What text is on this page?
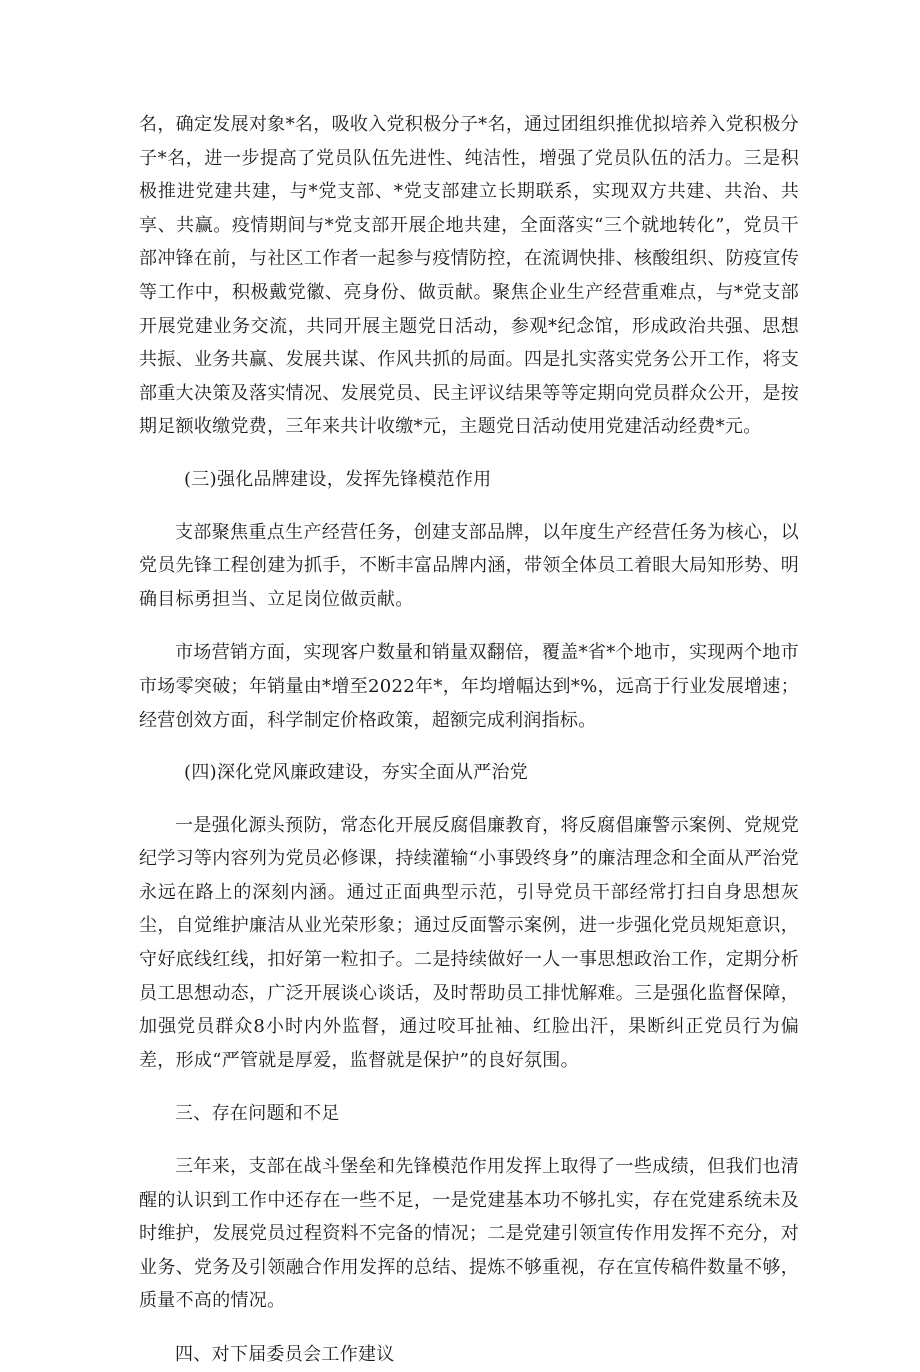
名，确定发展对象*名，吸收入党积极分子*名，通过团组织推优拟培养入党积极分子*名，进一步提高了党员队伍先进性、纯洁性，增强了党员队伍的活力。三是积极推进党建共建，与*党支部、*党支部建立长期联系，实现双方共建、共治、共享、共赢。疫情期间与*党支部开展企地共建，全面落实“三个就地转化”，党员干部冲锋在前，与社区工作者一起参与疫情防控，在流调快排、核酸组织、防疫宣传等工作中，积极戴党徽、亮身份、做贡献。聚焦企业生产经营重难点，与*党支部开展党建业务交流，共同开展主题党日活动，参观*纪念馆，形成政治共强、思想共振、业务共赢、发展共谋、作风共抓的局面。四是扎实落实党务公开工作，将支部重大决策及落实情况、发展党员、民主评议结果等等定期向党员群众公开，是按期足额收缴党费，三年来共计收缴*元，主题党日活动使用党建活动经费*元。

(三)强化品牌建设，发挥先锋模范作用

支部聚焦重点生产经营任务，创建支部品牌，以年度生产经营任务为核心，以党员先锋工程创建为抓手，不断丰富品牌内涵，带领全体员工着眼大局知形势、明确目标勇担当、立足岗位做贡献。

市场营销方面，实现客户数量和销量双翻倍，覆盖*省*个地市，实现两个地市市场零突破；年销量由*增至2022年*，年均增幅达到*%，远高于行业发展增速；经营创效方面，科学制定价格政策，超额完成利润指标。

(四)深化党风廉政建设，夯实全面从严治党

一是强化源头预防，常态化开展反腐倡廉教育，将反腐倡廉警示案例、党规党纪学习等内容列为党员必修课，持续灌输“小事毁终身”的廉洁理念和全面从严治党永远在路上的深刻内涵。通过正面典型示范，引导党员干部经常打扫自身思想灰尘，自觉维护廉洁从业光荣形象；通过反面警示案例，进一步强化党员规矩意识，守好底线红线，扣好第一粒扣子。二是持续做好一人一事思想政治工作，定期分析员工思想动态，广泛开展谈心谈话，及时帮助员工排忧解难。三是强化监督保障，加强党员群众8小时内外监督，通过咬耳扯袖、红脸出汗，果断纠正党员行为偏差，形成“严管就是厚爱，监督就是保护”的良好氛围。

三、存在问题和不足

三年来，支部在战斗堡垒和先锋模范作用发挥上取得了一些成绩，但我们也清醒的认识到工作中还存在一些不足，一是党建基本功不够扎实，存在党建系统未及时维护，发展党员过程资料不完备的情况；二是党建引领宣传作用发挥不充分，对业务、党务及引领融合作用发挥的总结、提炼不够重视，存在宣传稿件数量不够，质量不高的情况。

四、对下届委员会工作建议
